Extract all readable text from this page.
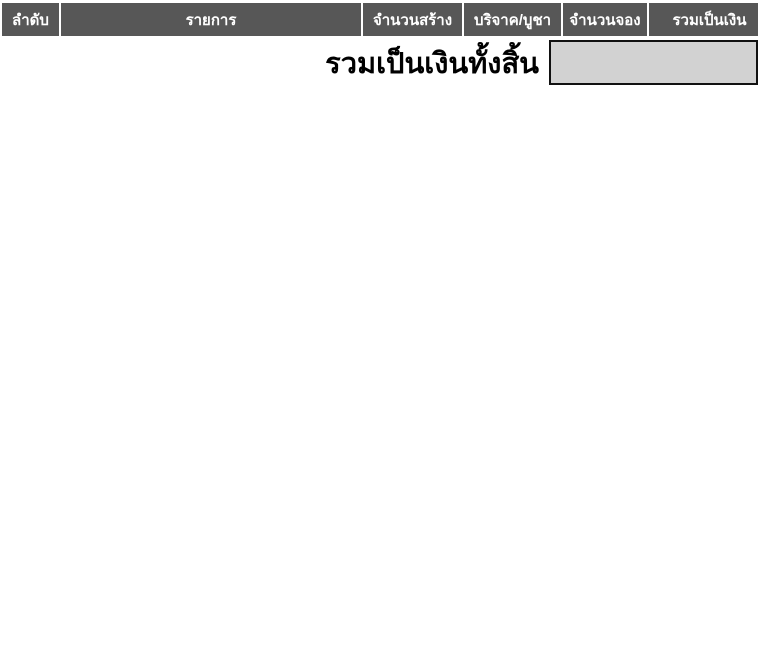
ลำดับ	รายการ	จำนวนสร้าง	บริจาค/บูชา	จำนวนจอง	รวมเป็นเงิน
รวมเป็นเงินทั้งสิ้น
